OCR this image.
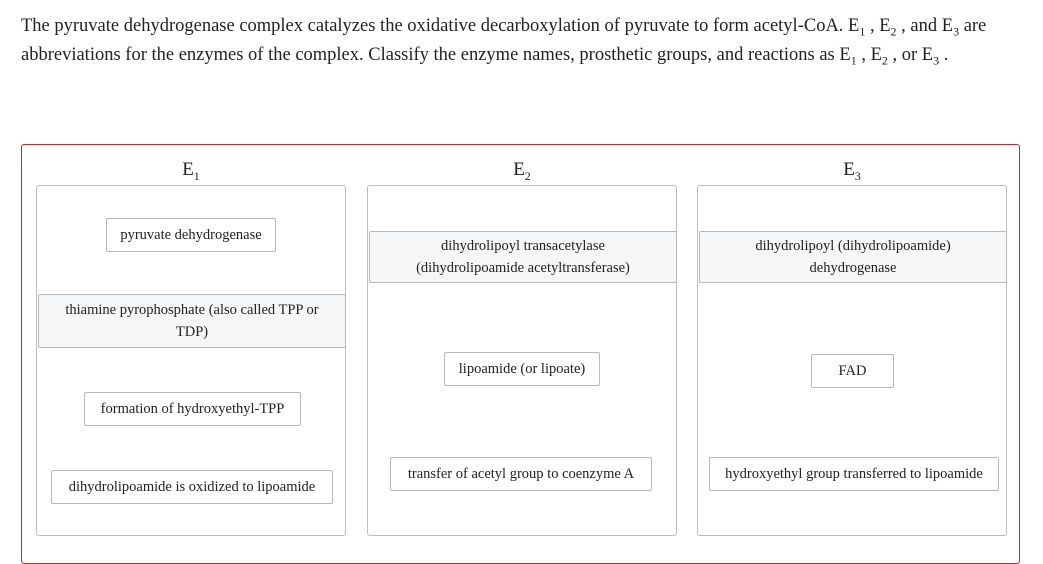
The pyruvate dehydrogenase complex catalyzes the oxidative decarboxylation of pyruvate to form acetyl-CoA. $E_1$ , $E_2$ , and $E_3$ are abbreviations for the enzymes of the complex. Classify the enzyme names, prosthetic groups, and reactions as $E_1$ , $E_2$ , or $E_3$ .
$E_1$
pyruvate dehydrogenase
thiamine pyrophosphate (also called TPP or TDP)
formation of hydroxyethyl-TPP
dihydrolipoamide is oxidized to lipoamide
$E_2$
dihydrolipoyl transacetylase (dihydrolipoamide acetyltransferase)
lipoamide (or lipoate)
transfer of acetyl group to coenzyme A
$E_3$
dihydrolipoyl (dihydrolipoamide) dehydrogenase
FAD
hydroxyethyl group transferred to lipoamide
